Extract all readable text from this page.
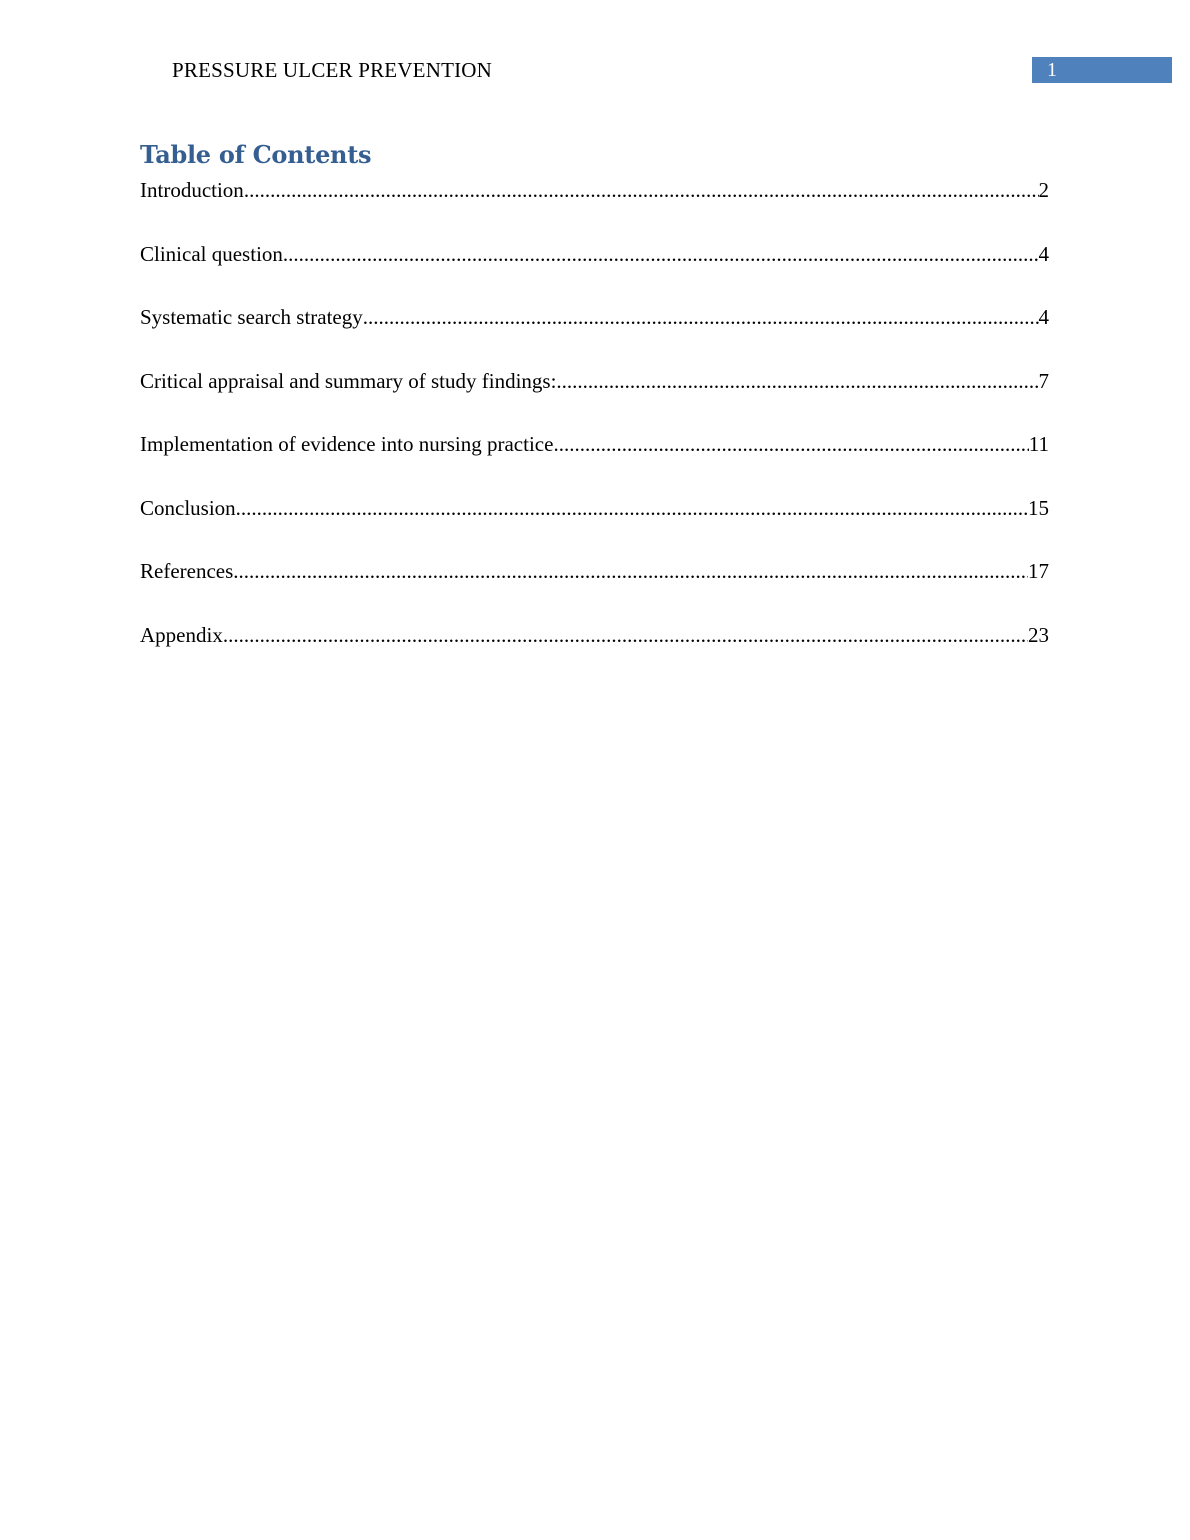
PRESSURE ULCER PREVENTION	1
Table of Contents
Introduction .....	2
Clinical question .....	4
Systematic search strategy .....	4
Critical appraisal and summary of study findings: .....	7
Implementation of evidence into nursing practice .....	11
Conclusion .....	15
References .....	17
Appendix .....	23
